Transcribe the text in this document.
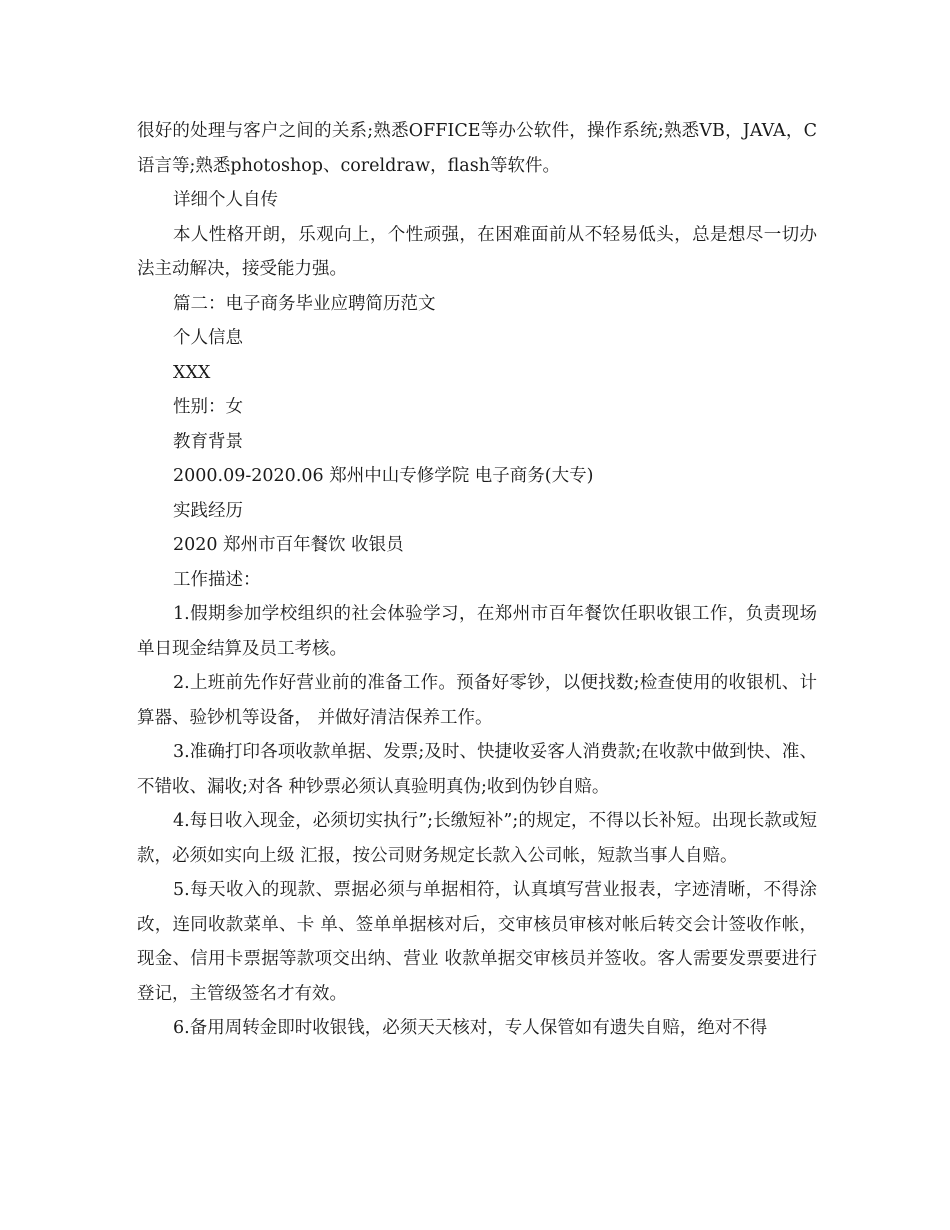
很好的处理与客户之间的关系;熟悉OFFICE等办公软件，操作系统;熟悉VB，JAVA，C语言等;熟悉photoshop、coreldraw，flash等软件。

详细个人自传

本人性格开朗，乐观向上，个性顽强，在困难面前从不轻易低头，总是想尽一切办法主动解决，接受能力强。

篇二：电子商务毕业应聘简历范文

个人信息

XXX

性别：女

教育背景

2000.09-2020.06 郑州中山专修学院 电子商务(大专)

实践经历

2020 郑州市百年餐饮 收银员

工作描述：

1.假期参加学校组织的社会体验学习，在郑州市百年餐饮任职收银工作，负责现场单日现金结算及员工考核。

2.上班前先作好营业前的准备工作。预备好零钞，以便找数;检查使用的收银机、计算器、验钞机等设备， 并做好清洁保养工作。

3.准确打印各项收款单据、发票;及时、快捷收妥客人消费款;在收款中做到快、准、不错收、漏收;对各 种钞票必须认真验明真伪;收到伪钞自赔。

4.每日收入现金，必须切实执行”;长缴短补”;的规定，不得以长补短。出现长款或短款，必须如实向上级 汇报，按公司财务规定长款入公司帐，短款当事人自赔。

5.每天收入的现款、票据必须与单据相符，认真填写营业报表，字迹清晰，不得涂改，连同收款菜单、卡 单、签单单据核对后，交审核员审核对帐后转交会计签收作帐，现金、信用卡票据等款项交出纳、营业 收款单据交审核员并签收。客人需要发票要进行登记，主管级签名才有效。

6.备用周转金即时收银钱，必须天天核对，专人保管如有遗失自赔，绝对不得
